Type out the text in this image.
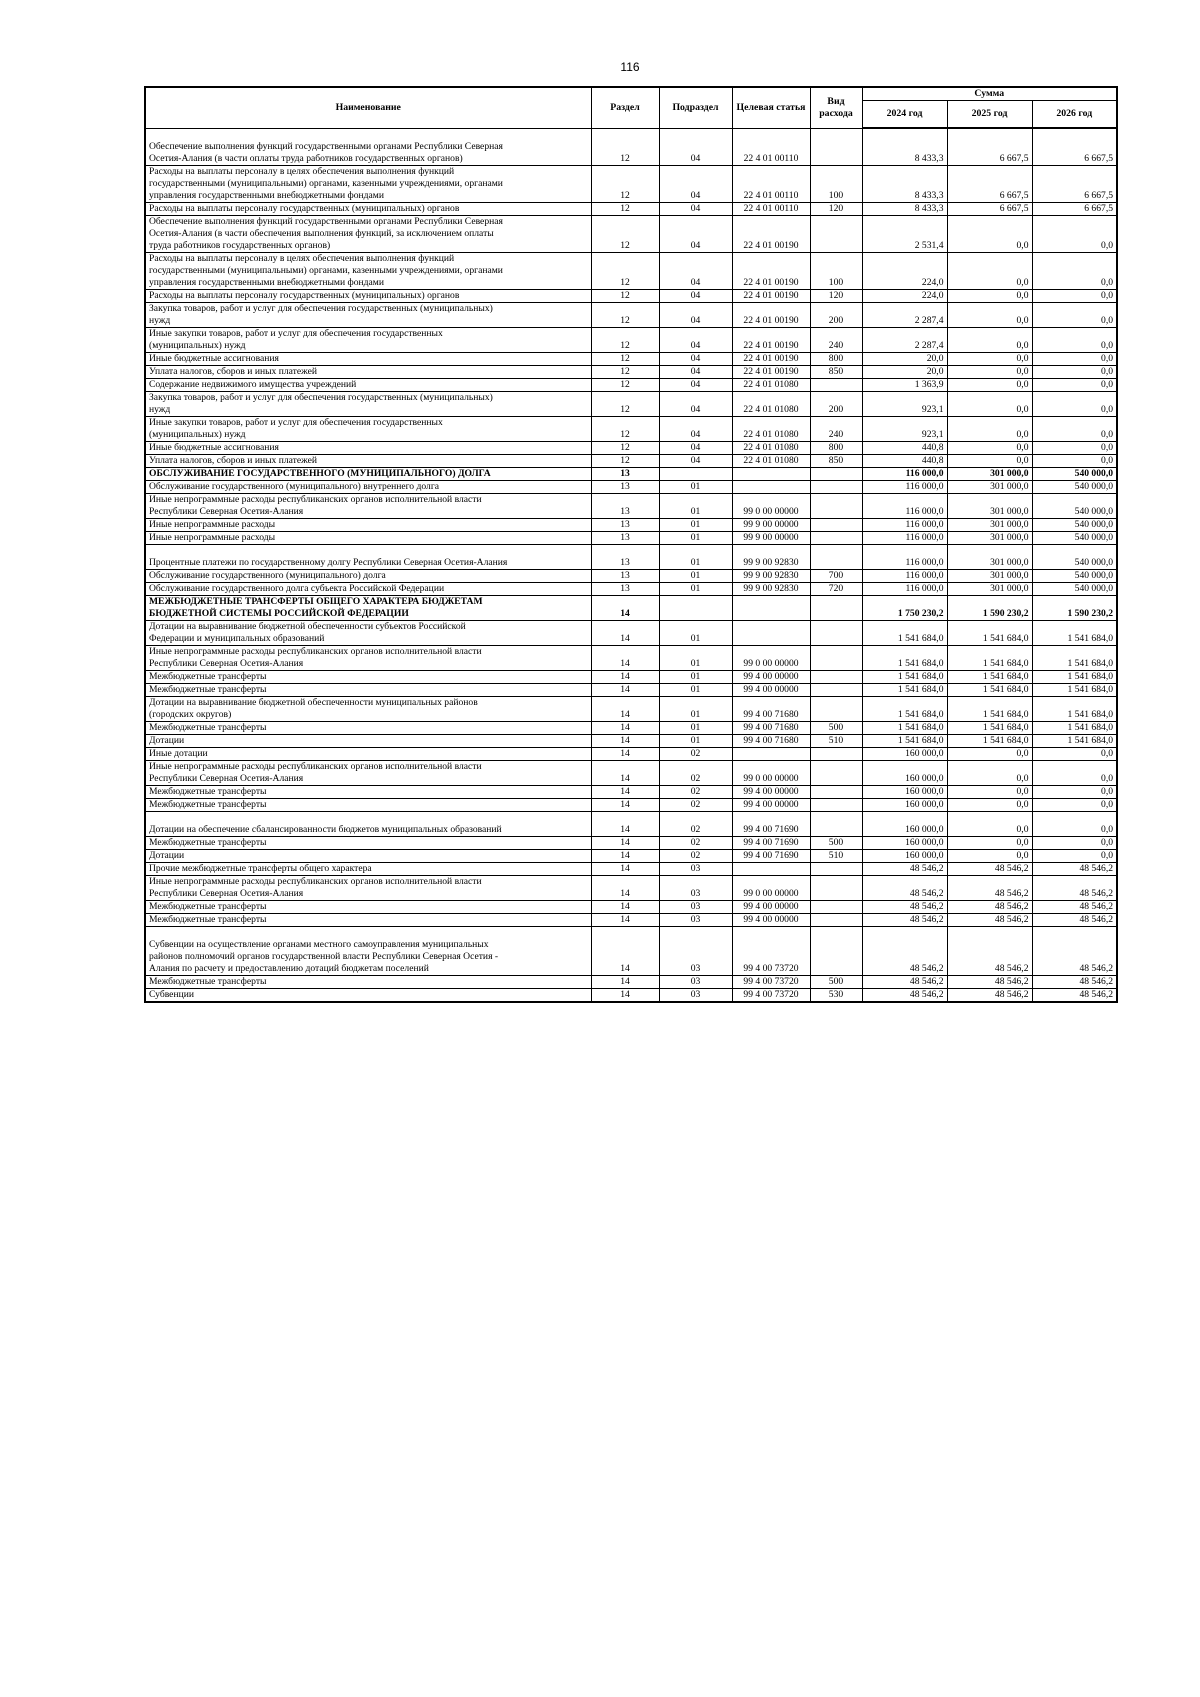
116
Наименование	Раздел	Подраздел	Целевая статья	Вид расхода	Сумма		
					2024 год	2025 год	2026 год

Обеспечение выполнения функций государственными органами Республики Северная
Осетия-Алания (в части оплаты труда работников государственных органов)	12	04	22 4 01 00110		8 433,3	6 667,5	6 667,5

Расходы на выплаты персоналу в целях обеспечения выполнения функций
государственными (муниципальными) органами, казенными учреждениями, органами
управления государственными внебюджетными фондами	12	04	22 4 01 00110	100	8 433,3	6 667,5	6 667,5

Расходы на выплаты персоналу государственных (муниципальных) органов	12	04	22 4 01 00110	120	8 433,3	6 667,5	6 667,5

Обеспечение выполнения функций государственными органами Республики Северная
Осетия-Алания (в части обеспечения выполнения функций, за исключением оплаты
труда работников государственных органов)	12	04	22 4 01 00190		2 531,4	0,0	0,0

Расходы на выплаты персоналу в целях обеспечения выполнения функций
государственными (муниципальными) органами, казенными учреждениями, органами
управления государственными внебюджетными фондами	12	04	22 4 01 00190	100	224,0	0,0	0,0

Расходы на выплаты персоналу государственных (муниципальных) органов	12	04	22 4 01 00190	120	224,0	0,0	0,0

Закупка товаров, работ и услуг для обеспечения государственных (муниципальных)
нужд	12	04	22 4 01 00190	200	2 287,4	0,0	0,0

Иные закупки товаров, работ и услуг для обеспечения государственных
(муниципальных) нужд	12	04	22 4 01 00190	240	2 287,4	0,0	0,0

Иные бюджетные ассигнования	12	04	22 4 01 00190	800	20,0	0,0	0,0

Уплата налогов, сборов и иных платежей	12	04	22 4 01 00190	850	20,0	0,0	0,0

Содержание недвижимого имущества учреждений	12	04	22 4 01 01080		1 363,9	0,0	0,0

Закупка товаров, работ и услуг для обеспечения государственных (муниципальных)
нужд	12	04	22 4 01 01080	200	923,1	0,0	0,0

Иные закупки товаров, работ и услуг для обеспечения государственных
(муниципальных) нужд	12	04	22 4 01 01080	240	923,1	0,0	0,0

Иные бюджетные ассигнования	12	04	22 4 01 01080	800	440,8	0,0	0,0

Уплата налогов, сборов и иных платежей	12	04	22 4 01 01080	850	440,8	0,0	0,0

ОБСЛУЖИВАНИЕ ГОСУДАРСТВЕННОГО (МУНИЦИПАЛЬНОГО) ДОЛГА	13				116 000,0	301 000,0	540 000,0

Обслуживание государственного (муниципального) внутреннего долга	13	01			116 000,0	301 000,0	540 000,0

Иные непрограммные расходы республиканских органов исполнительной власти
Республики Северная Осетия-Алания	13	01	99 0 00 00000		116 000,0	301 000,0	540 000,0

Иные непрограммные расходы	13	01	99 9 00 00000		116 000,0	301 000,0	540 000,0

Иные непрограммные расходы	13	01	99 9 00 00000		116 000,0	301 000,0	540 000,0

Процентные платежи по государственному долгу Республики Северная Осетия-Алания	13	01	99 9 00 92830		116 000,0	301 000,0	540 000,0

Обслуживание государственного (муниципального) долга	13	01	99 9 00 92830	700	116 000,0	301 000,0	540 000,0

Обслуживание государственного долга субъекта Российской Федерации	13	01	99 9 00 92830	720	116 000,0	301 000,0	540 000,0

МЕЖБЮДЖЕТНЫЕ ТРАНСФЕРТЫ ОБЩЕГО ХАРАКТЕРА БЮДЖЕТАМ
БЮДЖЕТНОЙ СИСТЕМЫ РОССИЙСКОЙ ФЕДЕРАЦИИ	14				1 750 230,2	1 590 230,2	1 590 230,2

Дотации на выравнивание бюджетной обеспеченности субъектов Российской
Федерации и муниципальных образований	14	01			1 541 684,0	1 541 684,0	1 541 684,0

Иные непрограммные расходы республиканских органов исполнительной власти
Республики Северная Осетия-Алания	14	01	99 0 00 00000		1 541 684,0	1 541 684,0	1 541 684,0

Межбюджетные трансферты	14	01	99 4 00 00000		1 541 684,0	1 541 684,0	1 541 684,0

Межбюджетные трансферты	14	01	99 4 00 00000		1 541 684,0	1 541 684,0	1 541 684,0

Дотации на выравнивание бюджетной обеспеченности муниципальных районов
(городских округов)	14	01	99 4 00 71680		1 541 684,0	1 541 684,0	1 541 684,0

Межбюджетные трансферты	14	01	99 4 00 71680	500	1 541 684,0	1 541 684,0	1 541 684,0

Дотации	14	01	99 4 00 71680	510	1 541 684,0	1 541 684,0	1 541 684,0

Иные дотации	14	02			160 000,0	0,0	0,0

Иные непрограммные расходы республиканских органов исполнительной власти
Республики Северная Осетия-Алания	14	02	99 0 00 00000		160 000,0	0,0	0,0

Межбюджетные трансферты	14	02	99 4 00 00000		160 000,0	0,0	0,0

Межбюджетные трансферты	14	02	99 4 00 00000		160 000,0	0,0	0,0

Дотации на обеспечение сбалансированности бюджетов муниципальных образований	14	02	99 4 00 71690		160 000,0	0,0	0,0

Межбюджетные трансферты	14	02	99 4 00 71690	500	160 000,0	0,0	0,0

Дотации	14	02	99 4 00 71690	510	160 000,0	0,0	0,0

Прочие межбюджетные трансферты общего характера	14	03			48 546,2	48 546,2	48 546,2

Иные непрограммные расходы республиканских органов исполнительной власти
Республики Северная Осетия-Алания	14	03	99 0 00 00000		48 546,2	48 546,2	48 546,2

Межбюджетные трансферты	14	03	99 4 00 00000		48 546,2	48 546,2	48 546,2

Межбюджетные трансферты	14	03	99 4 00 00000		48 546,2	48 546,2	48 546,2

Субвенции на осуществление органами местного самоуправления муниципальных
районов полномочий органов государственной власти Республики Северная Осетия -
Алания по расчету и предоставлению дотаций бюджетам поселений	14	03	99 4 00 73720		48 546,2	48 546,2	48 546,2

Межбюджетные трансферты	14	03	99 4 00 73720	500	48 546,2	48 546,2	48 546,2

Субвенции	14	03	99 4 00 73720	530	48 546,2	48 546,2	48 546,2
